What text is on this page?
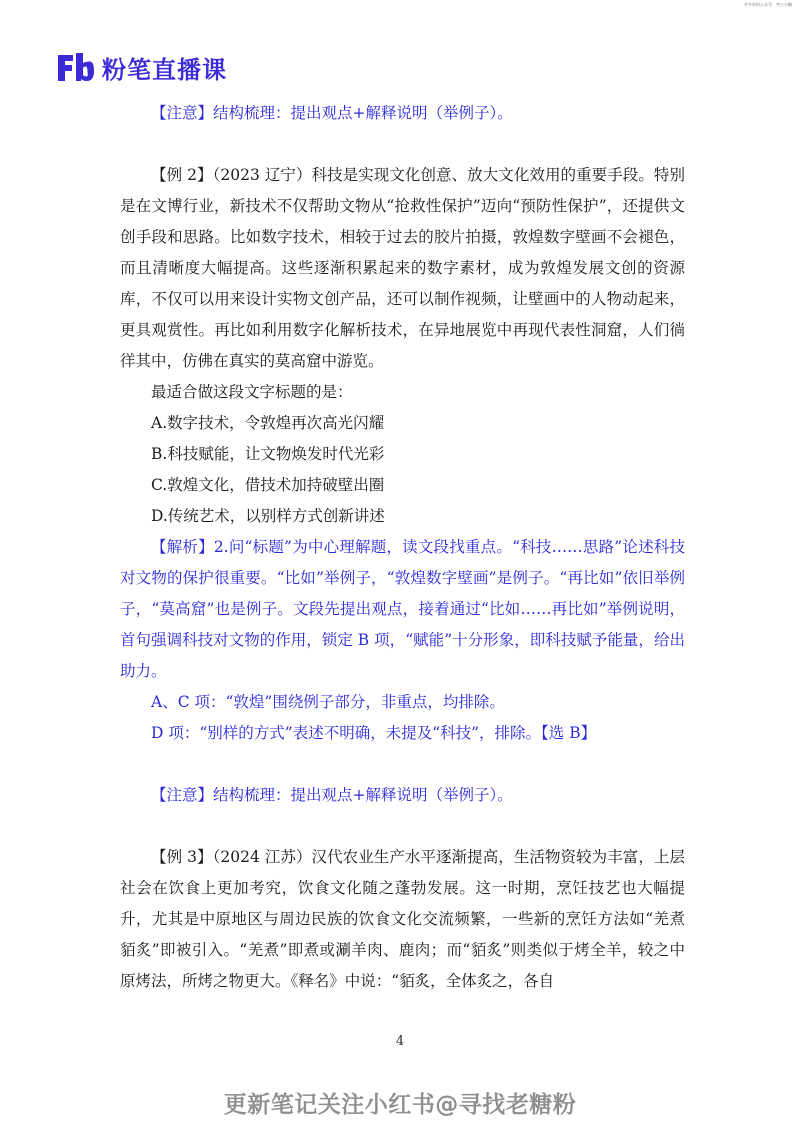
更多资料公众号：考公小糖
粉笔直播课

【注意】结构梳理：提出观点+解释说明（举例子）。

【例 2】（2023 辽宁）科技是实现文化创意、放大文化效用的重要手段。特别是在文博行业，新技术不仅帮助文物从“抢救性保护”迈向“预防性保护”，还提供文创手段和思路。比如数字技术，相较于过去的胶片拍摄，敦煌数字壁画不会褪色，而且清晰度大幅提高。这些逐渐积累起来的数字素材，成为敦煌发展文创的资源库，不仅可以用来设计实物文创产品，还可以制作视频，让壁画中的人物动起来，更具观赏性。再比如利用数字化解析技术，在异地展览中再现代表性洞窟，人们徜徉其中，仿佛在真实的莫高窟中游览。

最适合做这段文字标题的是：

A.数字技术，令敦煌再次高光闪耀

B.科技赋能，让文物焕发时代光彩

C.敦煌文化，借技术加持破壁出圈

D.传统艺术，以别样方式创新讲述

【解析】2.问“标题”为中心理解题，读文段找重点。“科技……思路”论述科技对文物的保护很重要。“比如”举例子，“敦煌数字壁画”是例子。“再比如”依旧举例子，“莫高窟”也是例子。文段先提出观点，接着通过“比如……再比如”举例说明，首句强调科技对文物的作用，锁定 B 项，“赋能”十分形象，即科技赋予能量，给出助力。

A、C 项：“敦煌”围绕例子部分，非重点，均排除。

D 项：“别样的方式”表述不明确，未提及“科技”，排除。【选 B】

【注意】结构梳理：提出观点+解释说明（举例子）。

【例 3】（2024 江苏）汉代农业生产水平逐渐提高，生活物资较为丰富，上层社会在饮食上更加考究，饮食文化随之蓬勃发展。这一时期，烹饪技艺也大幅提升，尤其是中原地区与周边民族的饮食文化交流频繁，一些新的烹饪方法如“羌煮貊炙”即被引入。“羌煮”即煮或涮羊肉、鹿肉；而“貊炙”则类似于烤全羊，较之中原烤法，所烤之物更大。《释名》中说：“貊炙，全体炙之，各自

4
更新笔记关注小红书@寻找老糖粉
